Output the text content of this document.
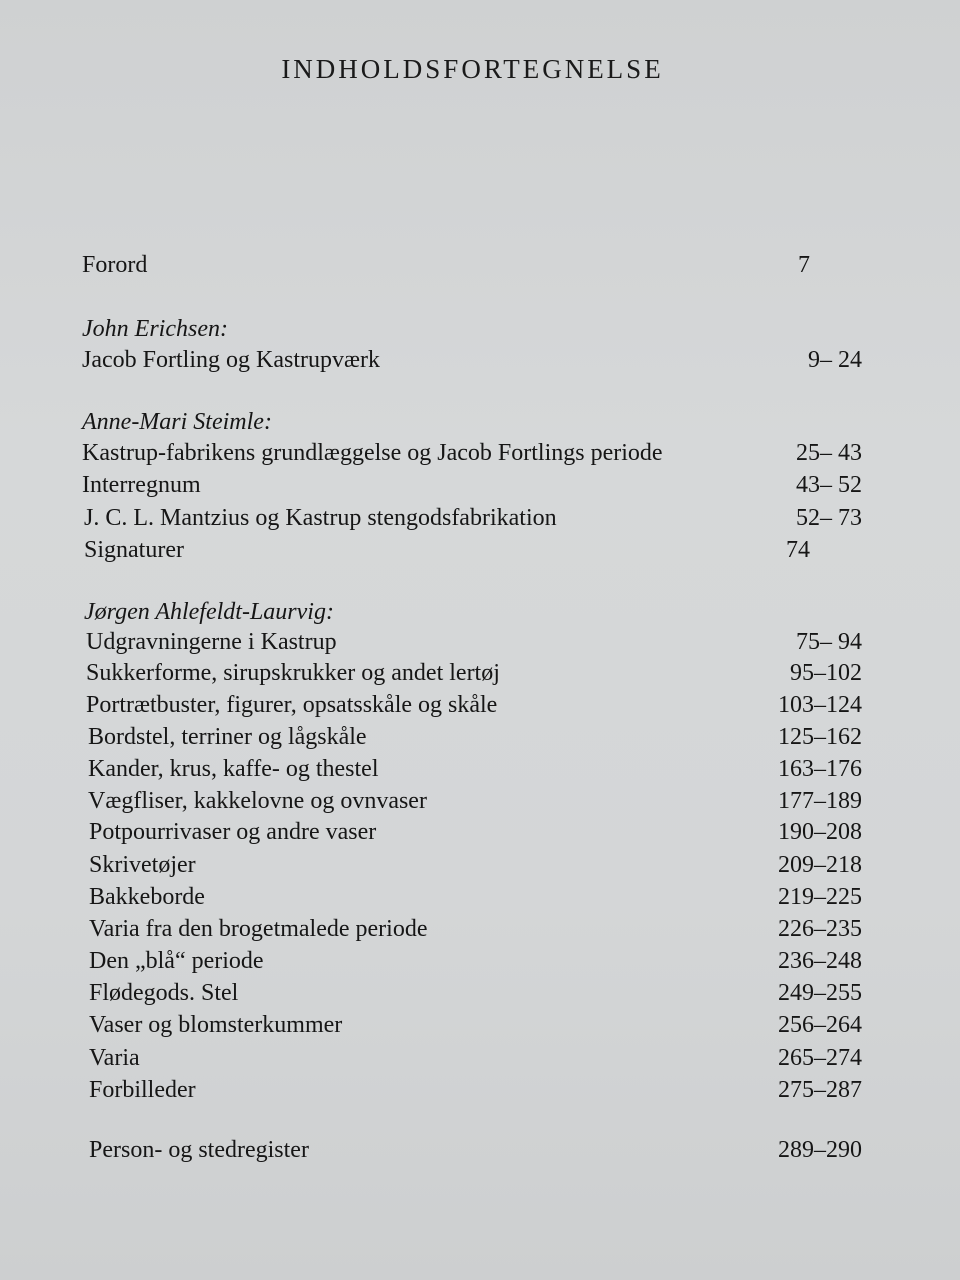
INDHOLDSFORTEGNELSE
Forord	7
John Erichsen:
Jacob Fortling og Kastrupværk	9– 24
Anne-Mari Steimle:
Kastrup-fabrikens grundlæggelse og Jacob Fortlings periode	25– 43
Interregnum	43– 52
J. C. L. Mantzius og Kastrup stengodsfabrikation	52– 73
Signaturer	74
Jørgen Ahlefeldt-Laurvig:
Udgravningerne i Kastrup	75– 94
Sukkerforme, sirupskrukker og andet lertøj	95–102
Portrætbuster, figurer, opsatsskåle og skåle	103–124
Bordstel, terriner og lågskåle	125–162
Kander, krus, kaffe- og thestel	163–176
Vægfliser, kakkelovne og ovnvaser	177–189
Potpourrivaser og andre vaser	190–208
Skrivetøjer	209–218
Bakkeborde	219–225
Varia fra den brogetmalede periode	226–235
Den „blå“ periode	236–248
Flødegods. Stel	249–255
Vaser og blomsterkummer	256–264
Varia	265–274
Forbilleder	275–287
Person- og stedregister	289–290
